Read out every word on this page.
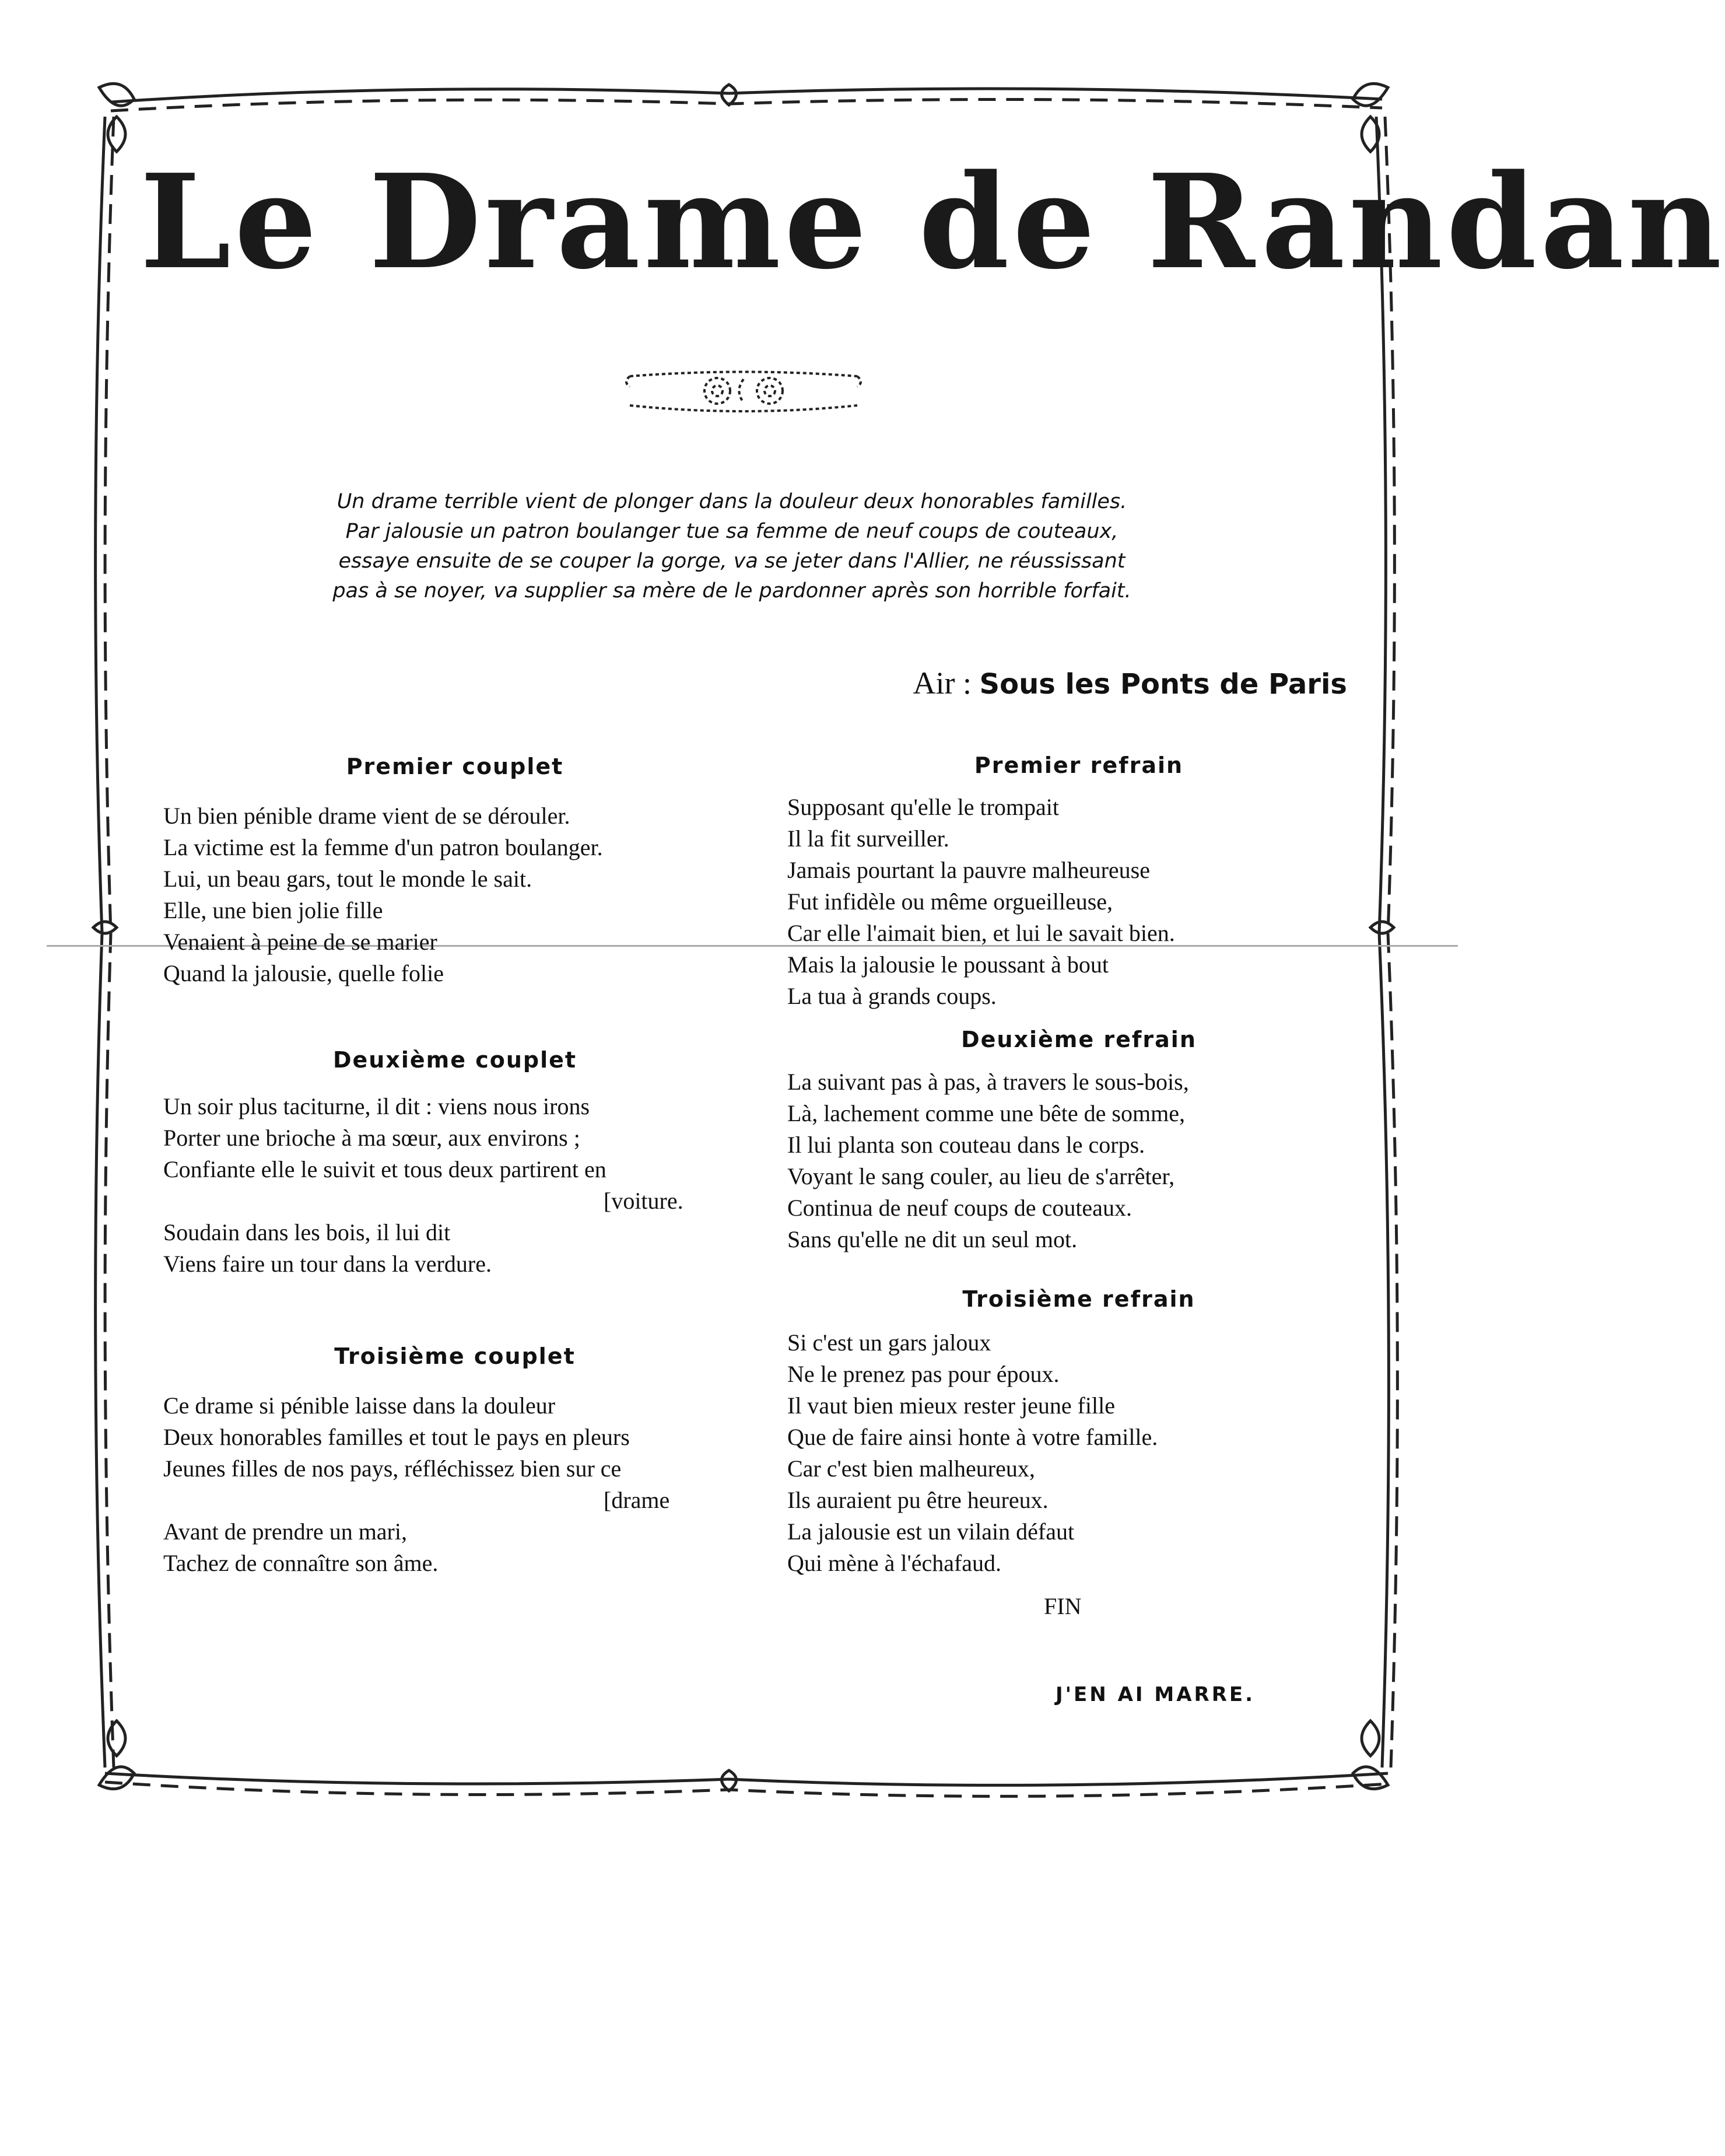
Le Drame de Randan
Un drame terrible vient de plonger dans la douleur deux honorables familles.
Par jalousie un patron boulanger tue sa femme de neuf coups de couteaux,
essaye ensuite de se couper la gorge, va se jeter dans l'Allier, ne réussissant
pas à se noyer, va supplier sa mère de le pardonner après son horrible forfait.
Air : Sous les Ponts de Paris
Premier couplet
Un bien pénible drame vient de se dérouler.
La victime est la femme d'un patron boulanger.
Lui, un beau gars, tout le monde le sait.
Elle, une bien jolie fille
Venaient à peine de se marier
Quand la jalousie, quelle folie
Deuxième couplet
Un soir plus taciturne, il dit : viens nous irons
Porter une brioche à ma sœur, aux environs ;
Confiante elle le suivit et tous deux partirent en
[voiture.
Soudain dans les bois, il lui dit
Viens faire un tour dans la verdure.
Troisième couplet
Ce drame si pénible laisse dans la douleur
Deux honorables familles et tout le pays en pleurs
Jeunes filles de nos pays, réfléchissez bien sur ce
[drame
Avant de prendre un mari,
Tachez de connaître son âme.
Premier refrain
Supposant qu'elle le trompait
Il la fit surveiller.
Jamais pourtant la pauvre malheureuse
Fut infidèle ou même orgueilleuse,
Car elle l'aimait bien, et lui le savait bien.
Mais la jalousie le poussant à bout
La tua à grands coups.
Deuxième refrain
La suivant pas à pas, à travers le sous-bois,
Là, lachement comme une bête de somme,
Il lui planta son couteau dans le corps.
Voyant le sang couler, au lieu de s'arrêter,
Continua de neuf coups de couteaux.
Sans qu'elle ne dit un seul mot.
Troisième refrain
Si c'est un gars jaloux
Ne le prenez pas pour époux.
Il vaut bien mieux rester jeune fille
Que de faire ainsi honte à votre famille.
Car c'est bien malheureux,
Ils auraient pu être heureux.
La jalousie est un vilain défaut
Qui mène à l'échafaud.
FIN
J'EN AI MARRE.
